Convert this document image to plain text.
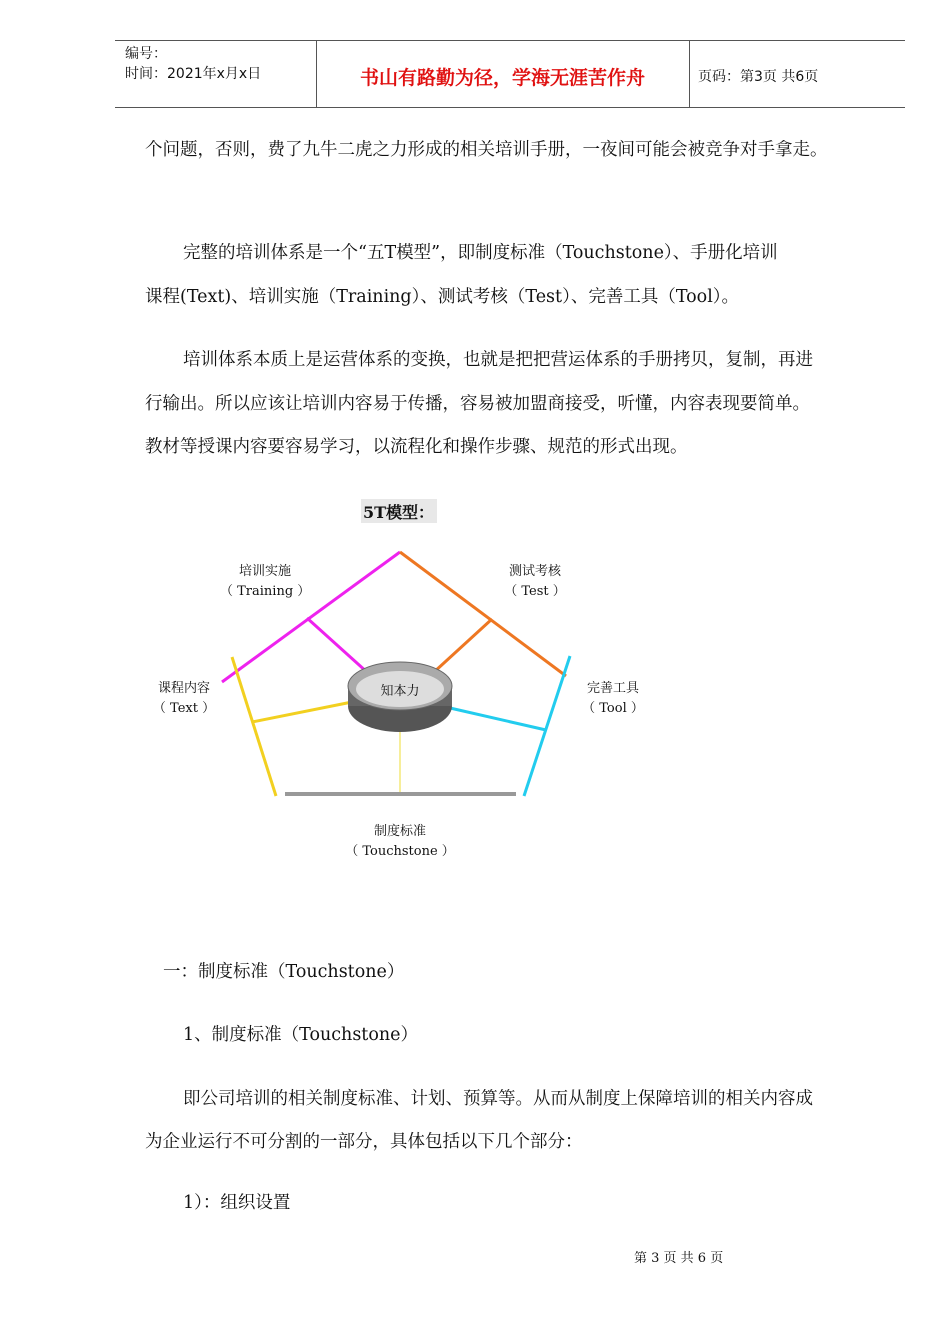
编号：
时间：2021年x月x日	书山有路勤为径，学海无涯苦作舟	页码：第3页 共6页
个问题，否则，费了九牛二虎之力形成的相关培训手册，一夜间可能会被竞争对手拿走。
完整的培训体系是一个“五T模型”，即制度标准（Touchstone）、手册化培训
课程(Text)、培训实施（Training）、测试考核（Test）、完善工具（Tool）。
培训体系本质上是运营体系的变换，也就是把把营运体系的手册拷贝，复制，再进
行输出。所以应该让培训内容易于传播，容易被加盟商接受，听懂，内容表现要简单。
教材等授课内容要容易学习，以流程化和操作步骤、规范的形式出现。
5T模型：
知本力
培训实施
（ Training ）
测试考核
（ Test ）
课程内容
（ Text ）
完善工具
（ Tool ）
制度标准
（ Touchstone ）
一：制度标准（Touchstone）
1、制度标准（Touchstone）
即公司培训的相关制度标准、计划、预算等。从而从制度上保障培训的相关内容成
为企业运行不可分割的一部分，具体包括以下几个部分：
1）：组织设置
第 3 页 共 6 页
